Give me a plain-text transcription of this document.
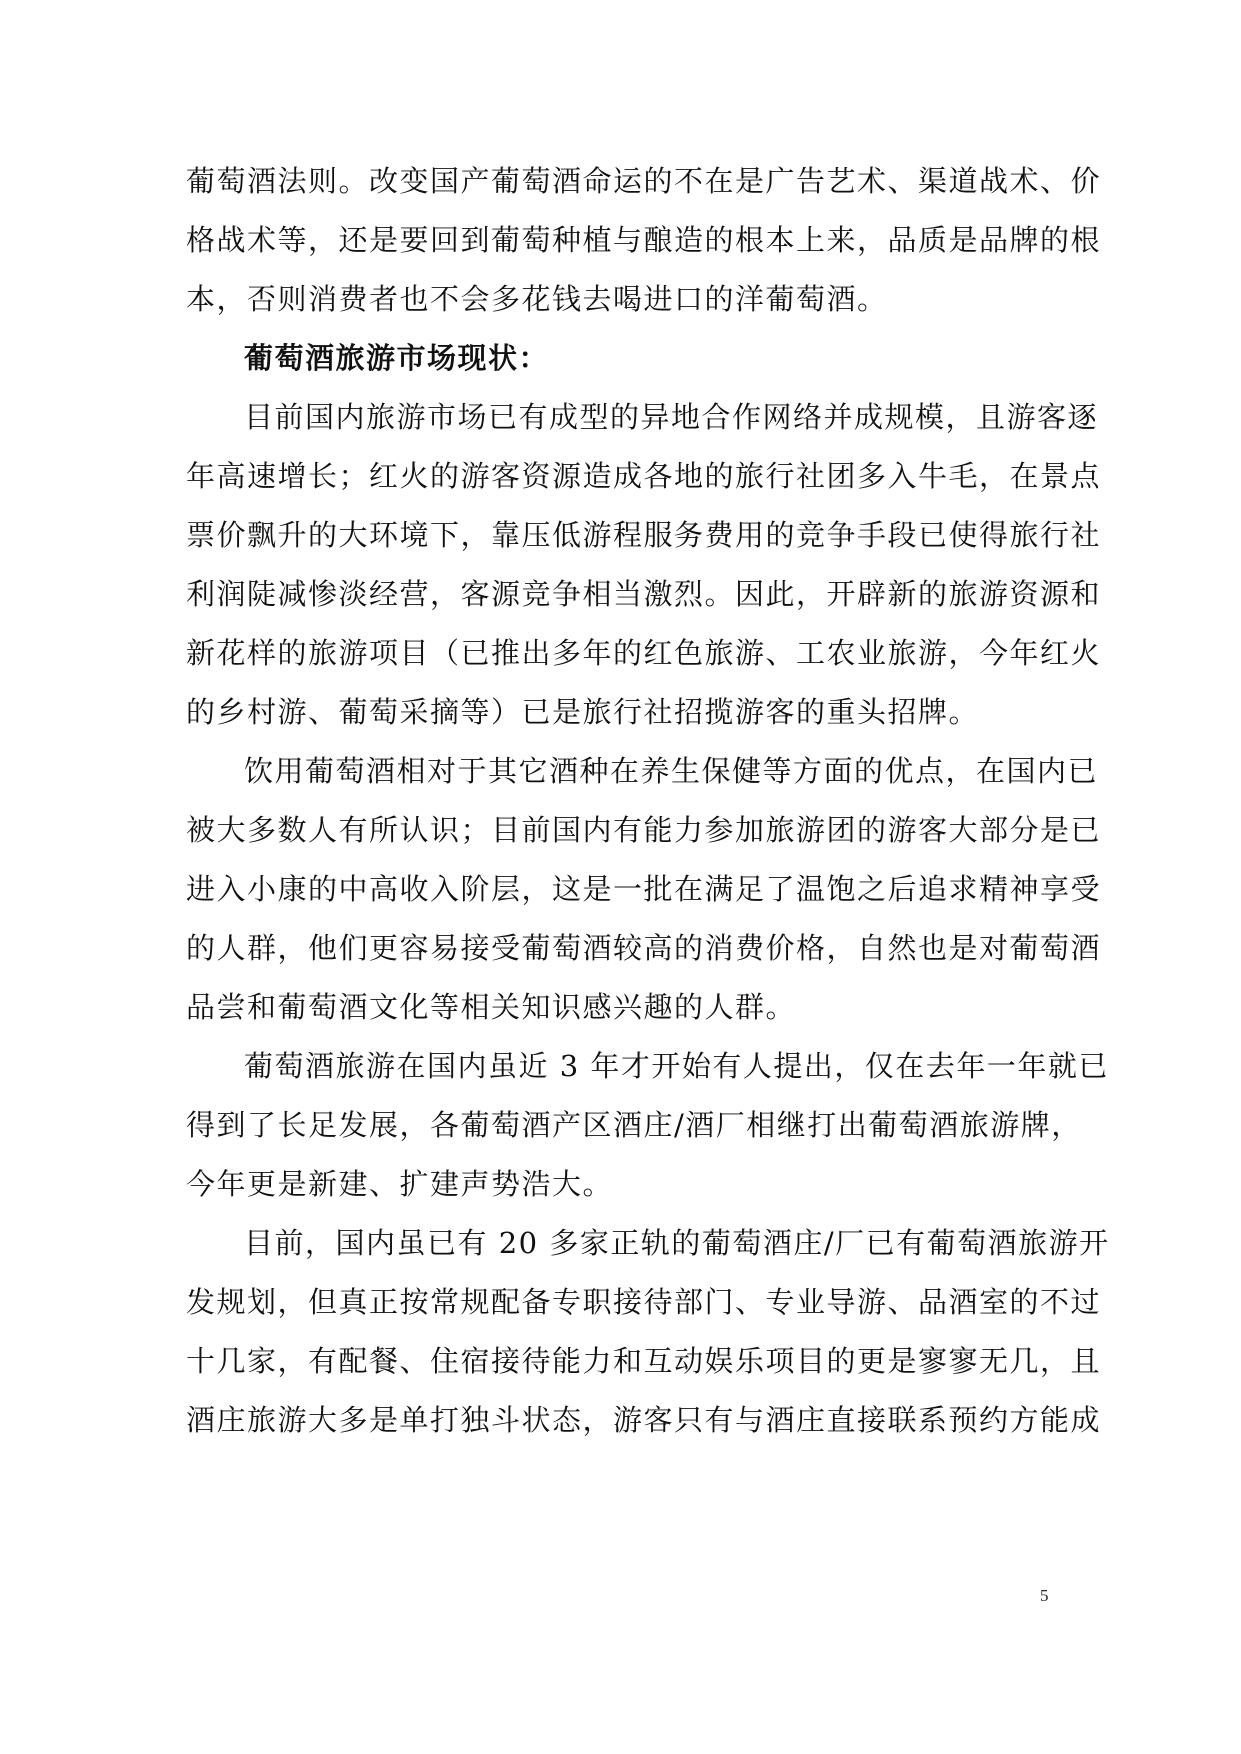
葡萄酒法则。改变国产葡萄酒命运的不在是广告艺术、渠道战术、价
格战术等，还是要回到葡萄种植与酿造的根本上来，品质是品牌的根
本，否则消费者也不会多花钱去喝进口的洋葡萄酒。
葡萄酒旅游市场现状：
目前国内旅游市场已有成型的异地合作网络并成规模，且游客逐
年高速增长；红火的游客资源造成各地的旅行社团多入牛毛，在景点
票价飘升的大环境下，靠压低游程服务费用的竞争手段已使得旅行社
利润陡减惨淡经营，客源竞争相当激烈。因此，开辟新的旅游资源和
新花样的旅游项目（已推出多年的红色旅游、工农业旅游，今年红火
的乡村游、葡萄采摘等）已是旅行社招揽游客的重头招牌。
饮用葡萄酒相对于其它酒种在养生保健等方面的优点，在国内已
被大多数人有所认识；目前国内有能力参加旅游团的游客大部分是已
进入小康的中高收入阶层，这是一批在满足了温饱之后追求精神享受
的人群，他们更容易接受葡萄酒较高的消费价格，自然也是对葡萄酒
品尝和葡萄酒文化等相关知识感兴趣的人群。
葡萄酒旅游在国内虽近 3 年才开始有人提出，仅在去年一年就已
得到了长足发展，各葡萄酒产区酒庄/酒厂相继打出葡萄酒旅游牌，
今年更是新建、扩建声势浩大。
目前，国内虽已有 20 多家正轨的葡萄酒庄/厂已有葡萄酒旅游开
发规划，但真正按常规配备专职接待部门、专业导游、品酒室的不过
十几家，有配餐、住宿接待能力和互动娱乐项目的更是寥寥无几，且
酒庄旅游大多是单打独斗状态，游客只有与酒庄直接联系预约方能成
5
